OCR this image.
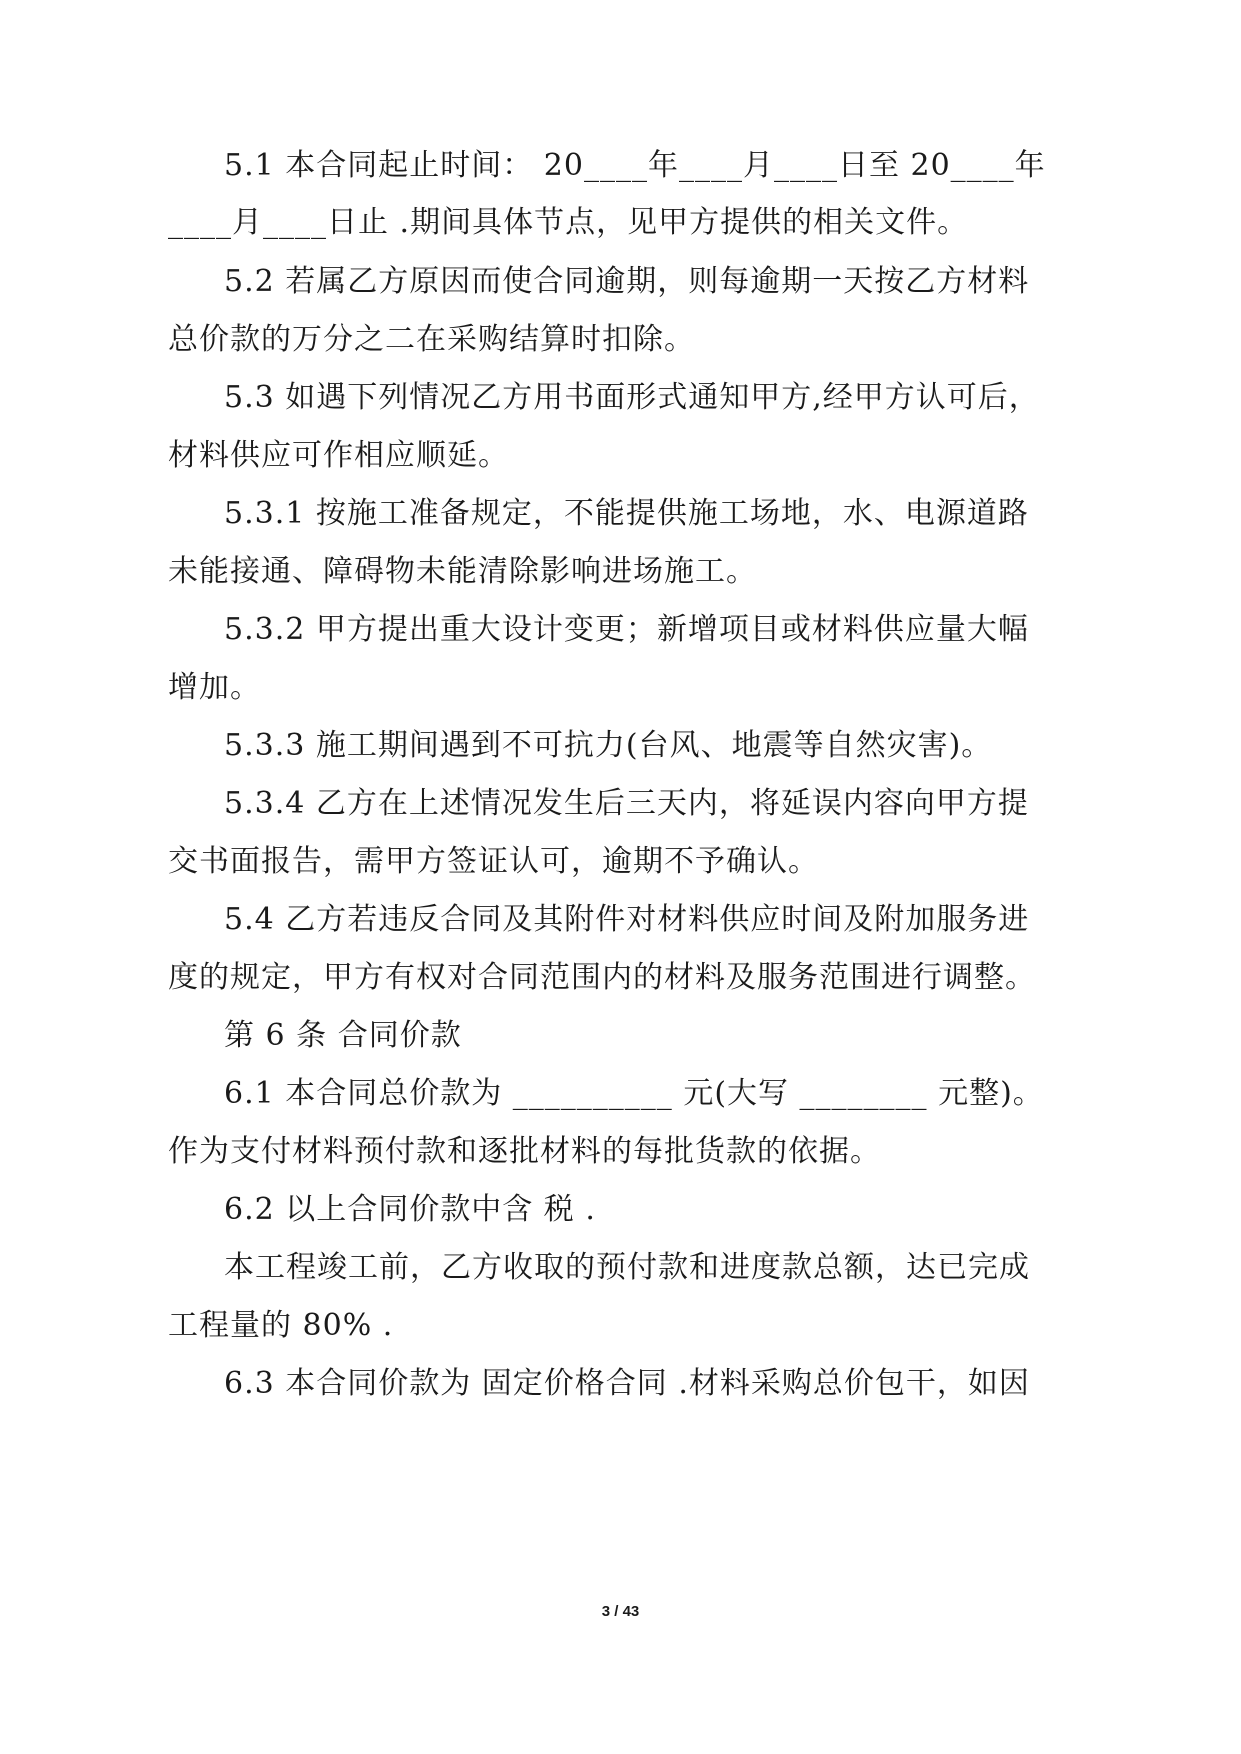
5.1 本合同起止时间： 20____年____月____日至 20____年
____月____日止 .期间具体节点，见甲方提供的相关文件。
5.2 若属乙方原因而使合同逾期，则每逾期一天按乙方材料
总价款的万分之二在采购结算时扣除。
5.3 如遇下列情况乙方用书面形式通知甲方,经甲方认可后，
材料供应可作相应顺延。
5.3.1 按施工准备规定，不能提供施工场地，水、电源道路
未能接通、障碍物未能清除影响进场施工。
5.3.2 甲方提出重大设计变更；新增项目或材料供应量大幅
增加。
5.3.3 施工期间遇到不可抗力(台风、地震等自然灾害)。
5.3.4 乙方在上述情况发生后三天内，将延误内容向甲方提
交书面报告，需甲方签证认可，逾期不予确认。
5.4 乙方若违反合同及其附件对材料供应时间及附加服务进
度的规定，甲方有权对合同范围内的材料及服务范围进行调整。
第 6 条 合同价款
6.1 本合同总价款为 __________ 元(大写 ________ 元整)。
作为支付材料预付款和逐批材料的每批货款的依据。
6.2 以上合同价款中含 税 .
本工程竣工前，乙方收取的预付款和进度款总额，达已完成
工程量的 80% .
6.3 本合同价款为 固定价格合同 .材料采购总价包干，如因
3 / 43
